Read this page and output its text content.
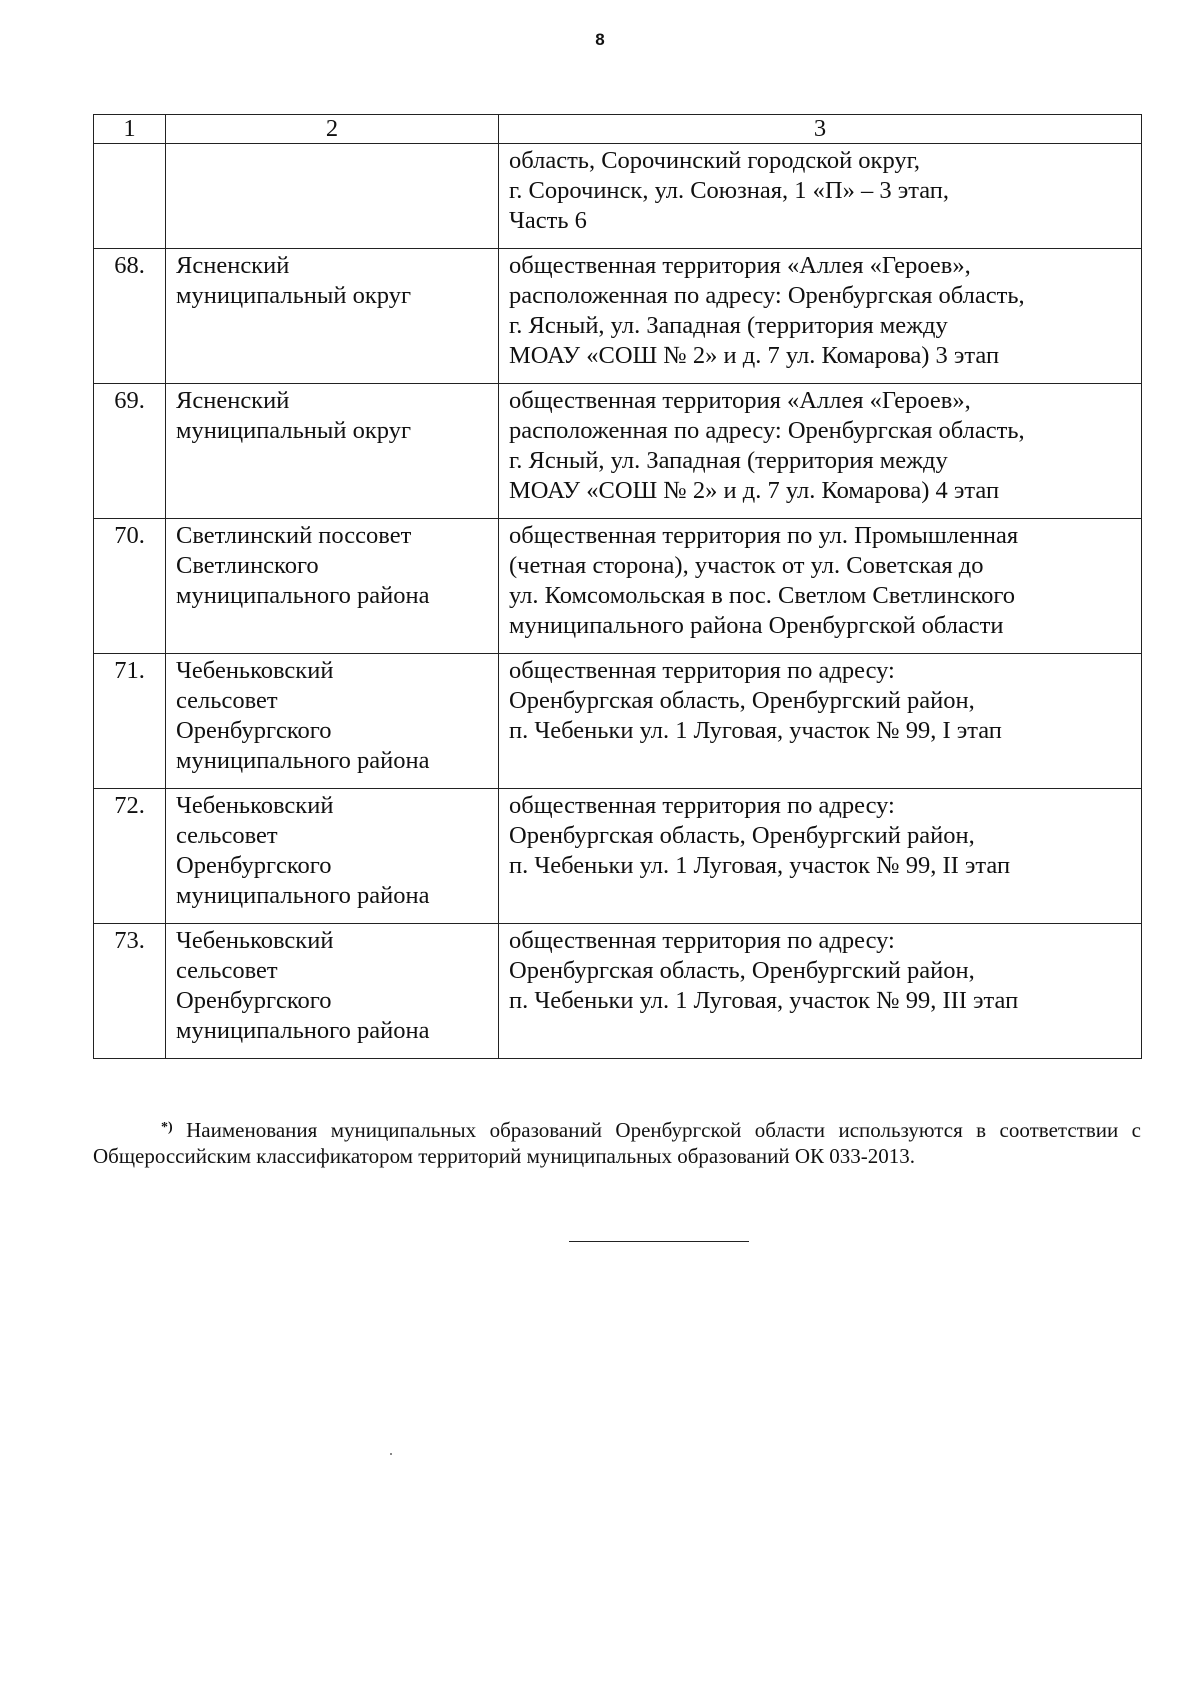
8
1	2	3

		область, Сорочинский городской округ,
г. Сорочинск, ул. Союзная, 1 «П» – 3 этап,
Часть 6

68.	Ясненский
муниципальный округ	общественная территория «Аллея «Героев»,
расположенная по адресу: Оренбургская область,
г. Ясный, ул. Западная (территория между
МОАУ «СОШ № 2» и д. 7 ул. Комарова) 3 этап

69.	Ясненский
муниципальный округ	общественная территория «Аллея «Героев»,
расположенная по адресу: Оренбургская область,
г. Ясный, ул. Западная (территория между
МОАУ «СОШ № 2» и д. 7 ул. Комарова) 4 этап

70.	Светлинский поссовет
Светлинского
муниципального района	общественная территория по ул. Промышленная
(четная сторона), участок от ул. Советская до
ул. Комсомольская в пос. Светлом Светлинского
муниципального района Оренбургской области

71.	Чебеньковский
сельсовет
Оренбургского
муниципального района	общественная территория по адресу:
Оренбургская область, Оренбургский район,
п. Чебеньки ул. 1 Луговая, участок № 99, I этап

72.	Чебеньковский
сельсовет
Оренбургского
муниципального района	общественная территория по адресу:
Оренбургская область, Оренбургский район,
п. Чебеньки ул. 1 Луговая, участок № 99, II этап

73.	Чебеньковский
сельсовет
Оренбургского
муниципального района	общественная территория по адресу:
Оренбургская область, Оренбургский район,
п. Чебеньки ул. 1 Луговая, участок № 99, III этап

*) Наименования муниципальных образований Оренбургской области используются в соответствии с Общероссийским классификатором территорий муниципальных образований ОК 033-2013.
